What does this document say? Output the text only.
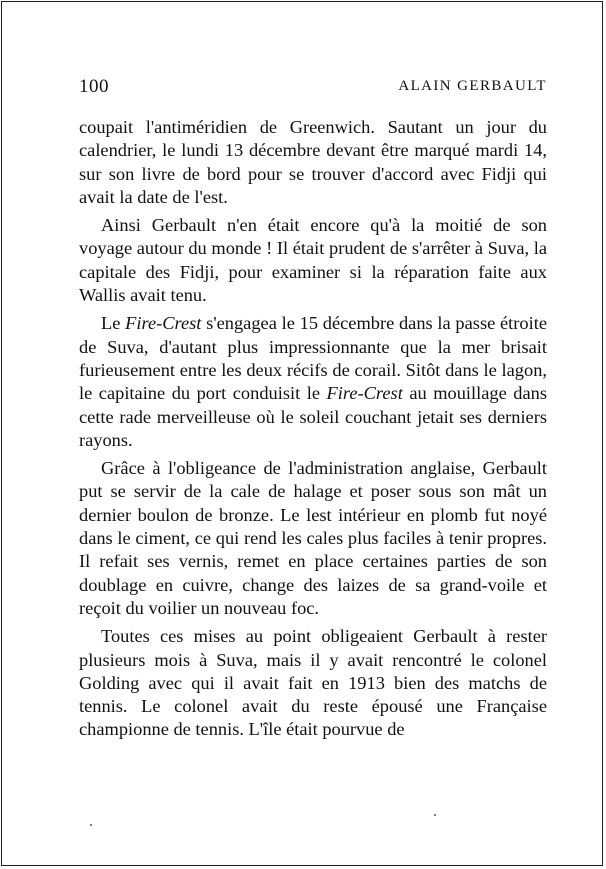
100	ALAIN GERBAULT

coupait l'antiméridien de Greenwich. Sautant un jour du calendrier, le lundi 13 décembre devant être marqué mardi 14, sur son livre de bord pour se trouver d'accord avec Fidji qui avait la date de l'est.

Ainsi Gerbault n'en était encore qu'à la moitié de son voyage autour du monde ! Il était prudent de s'arrêter à Suva, la capitale des Fidji, pour examiner si la réparation faite aux Wallis avait tenu.

Le Fire-Crest s'engagea le 15 décembre dans la passe étroite de Suva, d'autant plus impressionnante que la mer brisait furieusement entre les deux récifs de corail. Sitôt dans le lagon, le capitaine du port conduisit le Fire-Crest au mouillage dans cette rade merveilleuse où le soleil couchant jetait ses derniers rayons.

Grâce à l'obligeance de l'administration anglaise, Gerbault put se servir de la cale de halage et poser sous son mât un dernier boulon de bronze. Le lest intérieur en plomb fut noyé dans le ciment, ce qui rend les cales plus faciles à tenir propres. Il refait ses vernis, remet en place certaines parties de son doublage en cuivre, change des laizes de sa grand-voile et reçoit du voilier un nouveau foc.

Toutes ces mises au point obligeaient Gerbault à rester plusieurs mois à Suva, mais il y avait rencontré le colonel Golding avec qui il avait fait en 1913 bien des matchs de tennis. Le colonel avait du reste épousé une Française championne de tennis. L'île était pourvue de
